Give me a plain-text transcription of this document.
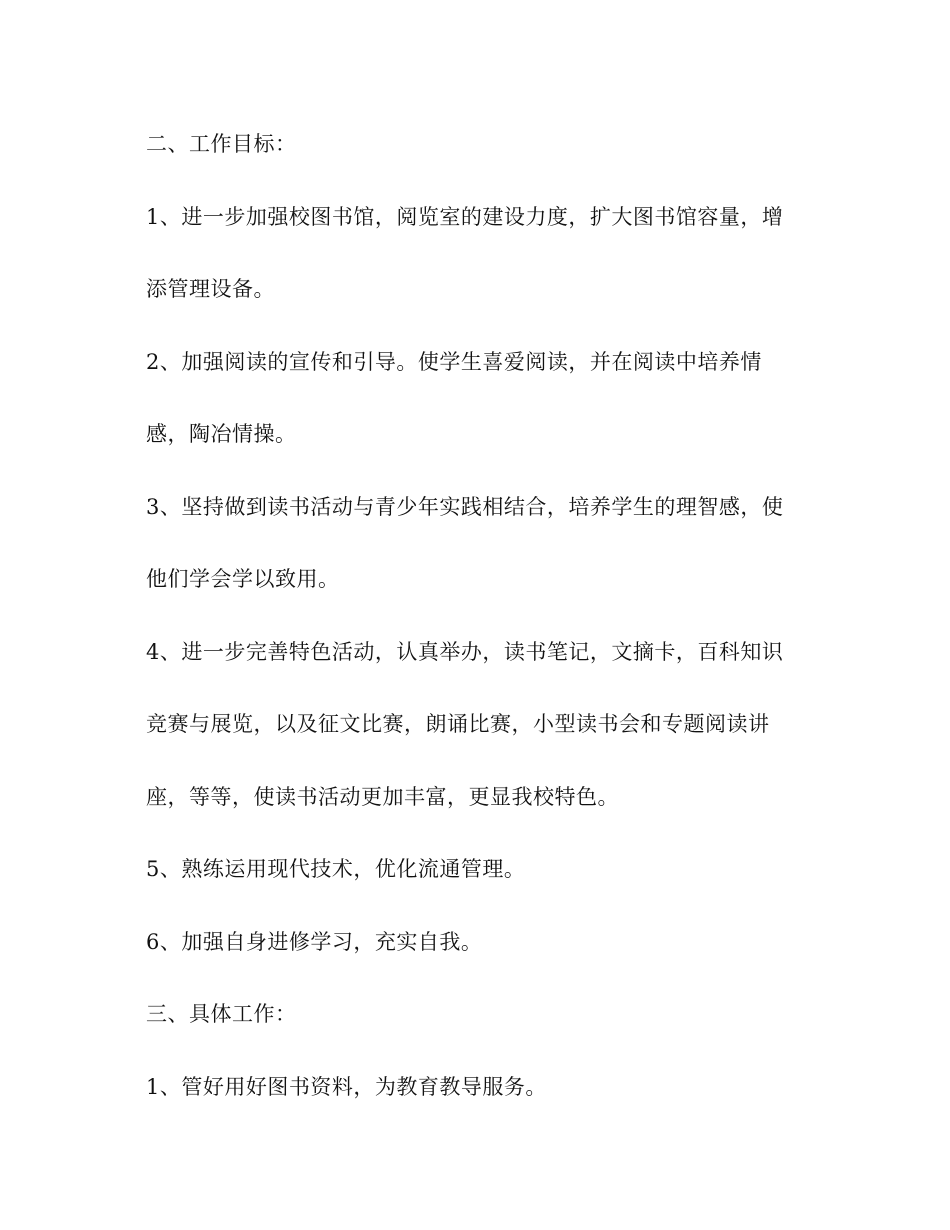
二、工作目标：
1、进一步加强校图书馆，阅览室的建设力度，扩大图书馆容量，增
添管理设备。
2、加强阅读的宣传和引导。使学生喜爱阅读，并在阅读中培养情
感，陶冶情操。
3、坚持做到读书活动与青少年实践相结合，培养学生的理智感，使
他们学会学以致用。
4、进一步完善特色活动，认真举办，读书笔记，文摘卡，百科知识
竞赛与展览，以及征文比赛，朗诵比赛，小型读书会和专题阅读讲
座，等等，使读书活动更加丰富，更显我校特色。
5、熟练运用现代技术，优化流通管理。
6、加强自身进修学习，充实自我。
三、具体工作：
1、管好用好图书资料，为教育教导服务。
